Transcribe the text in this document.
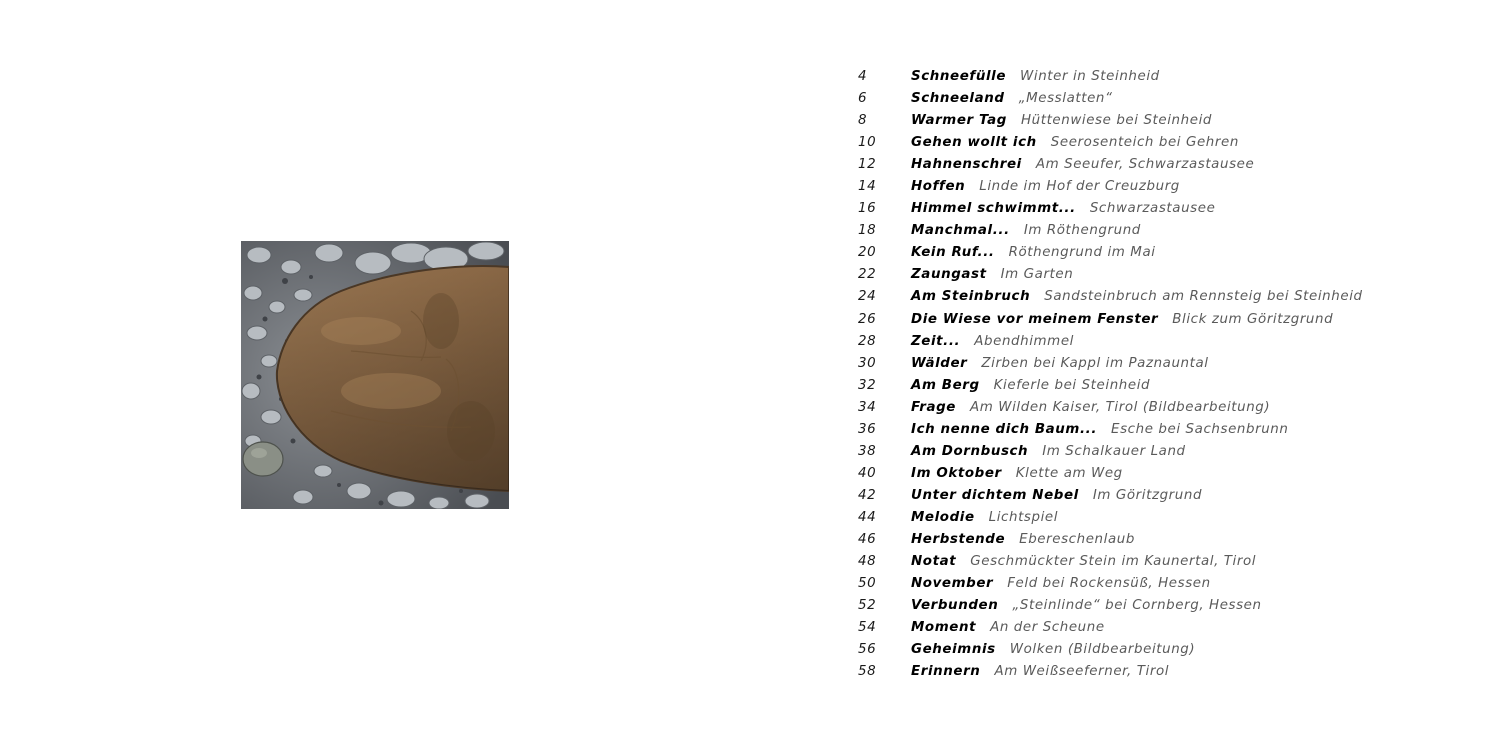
4	Schneefülle Winter in Steinheid
6	Schneeland „Messlatten“
8	Warmer Tag Hüttenwiese bei Steinheid
10	Gehen wollt ich Seerosenteich bei Gehren
12	Hahnenschrei Am Seeufer, Schwarzastausee
14	Hoffen Linde im Hof der Creuzburg
16	Himmel schwimmt... Schwarzastausee
18	Manchmal... Im Röthengrund
20	Kein Ruf... Röthengrund im Mai
22	Zaungast Im Garten
24	Am Steinbruch Sandsteinbruch am Rennsteig bei Steinheid
26	Die Wiese vor meinem Fenster Blick zum Göritzgrund
28	Zeit... Abendhimmel
30	Wälder Zirben bei Kappl im Paznauntal
32	Am Berg Kieferle bei Steinheid
34	Frage Am Wilden Kaiser, Tirol (Bildbearbeitung)
36	Ich nenne dich Baum... Esche bei Sachsenbrunn
38	Am Dornbusch Im Schalkauer Land
40	Im Oktober Klette am Weg
42	Unter dichtem Nebel Im Göritzgrund
44	Melodie Lichtspiel
46	Herbstende Ebereschenlaub
48	Notat Geschmückter Stein im Kaunertal, Tirol
50	November Feld bei Rockensüß, Hessen
52	Verbunden „Steinlinde“ bei Cornberg, Hessen
54	Moment An der Scheune
56	Geheimnis Wolken (Bildbearbeitung)
58	Erinnern Am Weißseeferner, Tirol
